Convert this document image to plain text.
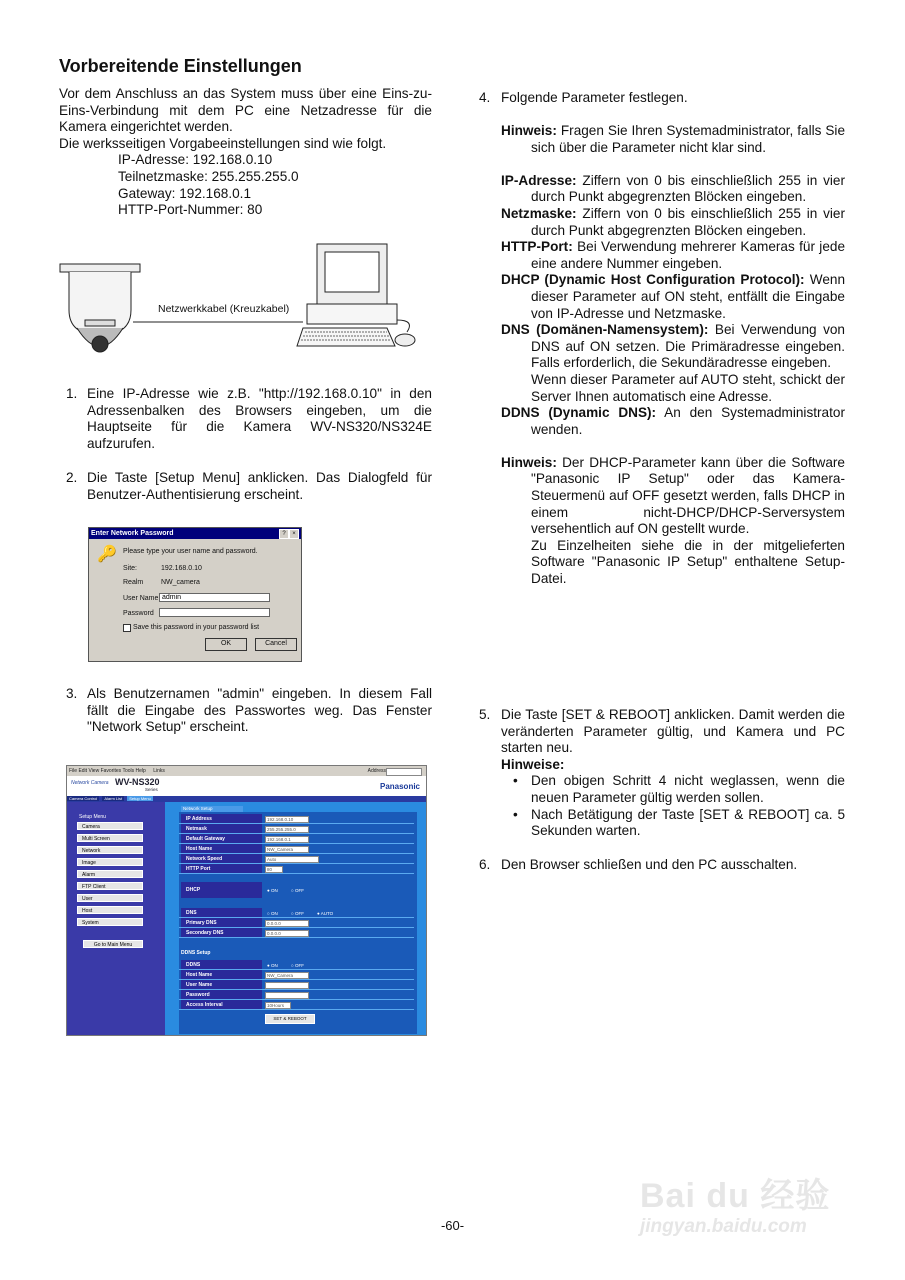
Vorbereitende Einstellungen
Vor dem Anschluss an das System muss über eine Eins-zu-Eins-Verbindung mit dem PC eine Netzadresse für die Kamera eingerichtet werden.
Die werksseitigen Vorgabeeinstellungen sind wie folgt.
IP-Adresse: 192.168.0.10
Teilnetzmaske: 255.255.255.0
Gateway: 192.168.0.1
HTTP-Port-Nummer: 80
Netzwerkkabel (Kreuzkabel)
1. Eine IP-Adresse wie z.B. "http://192.168.0.10" in den Adressenbalken des Browsers eingeben, um die Hauptseite für die Kamera WV-NS320/NS324E aufzurufen.
2. Die Taste [Setup Menu] anklicken. Das Dialogfeld für Benutzer-Authentisierung erscheint.
Enter Network Password	?	×
🔑 Please type your user name and password.
Site:	192.168.0.10
Realm	NW_camera
User Name
admin
Password
Save this password in your password list
OK	Cancel
3. Als Benutzernamen "admin" eingeben. In diesem Fall fällt die Eingabe des Passwortes weg. Das Fenster "Network Setup" erscheint.
File Edit View Favorites Tools Help Links	Address
Network Camera WV-NS320
Series	Panasonic
Camera Control Alarm List Setup Menu
Setup Menu
Camera
Multi Screen
Network
Image
Alarm
FTP Client
User
Host
System
Go to Main Menu
Network Setup
IP Address	192.168.0.10
Netmask	255.255.255.0
Default Gateway	192.168.0.1
Host Name	NW_Camera
Network Speed	Auto
HTTP Port	80
DHCP	● ON	○ OFF
DNS	○ ON	○ OFF	● AUTO
Primary DNS	0.0.0.0
Secondary DNS	0.0.0.0
DDNS Setup
DDNS	● ON	○ OFF
Host Name	NW_Camera
User Name
Password
Access Interval	10Hours
SET & REBOOT
4. Folgende Parameter festlegen.
Hinweis: Fragen Sie Ihren Systemadministrator, falls Sie sich über die Parameter nicht klar sind.
IP-Adresse: Ziffern von 0 bis einschließlich 255 in vier durch Punkt abgegrenzten Blöcken eingeben.
Netzmaske: Ziffern von 0 bis einschließlich 255 in vier durch Punkt abgegrenzten Blöcken eingeben.
HTTP-Port: Bei Verwendung mehrerer Kameras für jede eine andere Nummer eingeben.
DHCP (Dynamic Host Configuration Protocol): Wenn dieser Parameter auf ON steht, entfällt die Eingabe von IP-Adresse und Netzmaske.
DNS (Domänen-Namensystem): Bei Verwendung von DNS auf ON setzen. Die Primäradresse eingeben. Falls erforderlich, die Sekundäradresse eingeben.
Wenn dieser Parameter auf AUTO steht, schickt der Server Ihnen automatisch eine Adresse.
DDNS (Dynamic DNS): An den Systemadministrator wenden.
Hinweis: Der DHCP-Parameter kann über die Software "Panasonic IP Setup" oder das Kamera-Steuermenü auf OFF gesetzt werden, falls DHCP in einem nicht-DHCP/DHCP-Serversystem versehentlich auf ON gestellt wurde.
Zu Einzelheiten siehe die in der mitgelieferten Software "Panasonic IP Setup" enthaltene Setup-Datei.
5. Die Taste [SET & REBOOT] anklicken. Damit werden die veränderten Parameter gültig, und Kamera und PC starten neu.
Hinweise:
• Den obigen Schritt 4 nicht weglassen, wenn die neuen Parameter gültig werden sollen.
• Nach Betätigung der Taste [SET & REBOOT] ca. 5 Sekunden warten.
6. Den Browser schließen und den PC ausschalten.
-60-
Bai du 经验
jingyan.baidu.com
